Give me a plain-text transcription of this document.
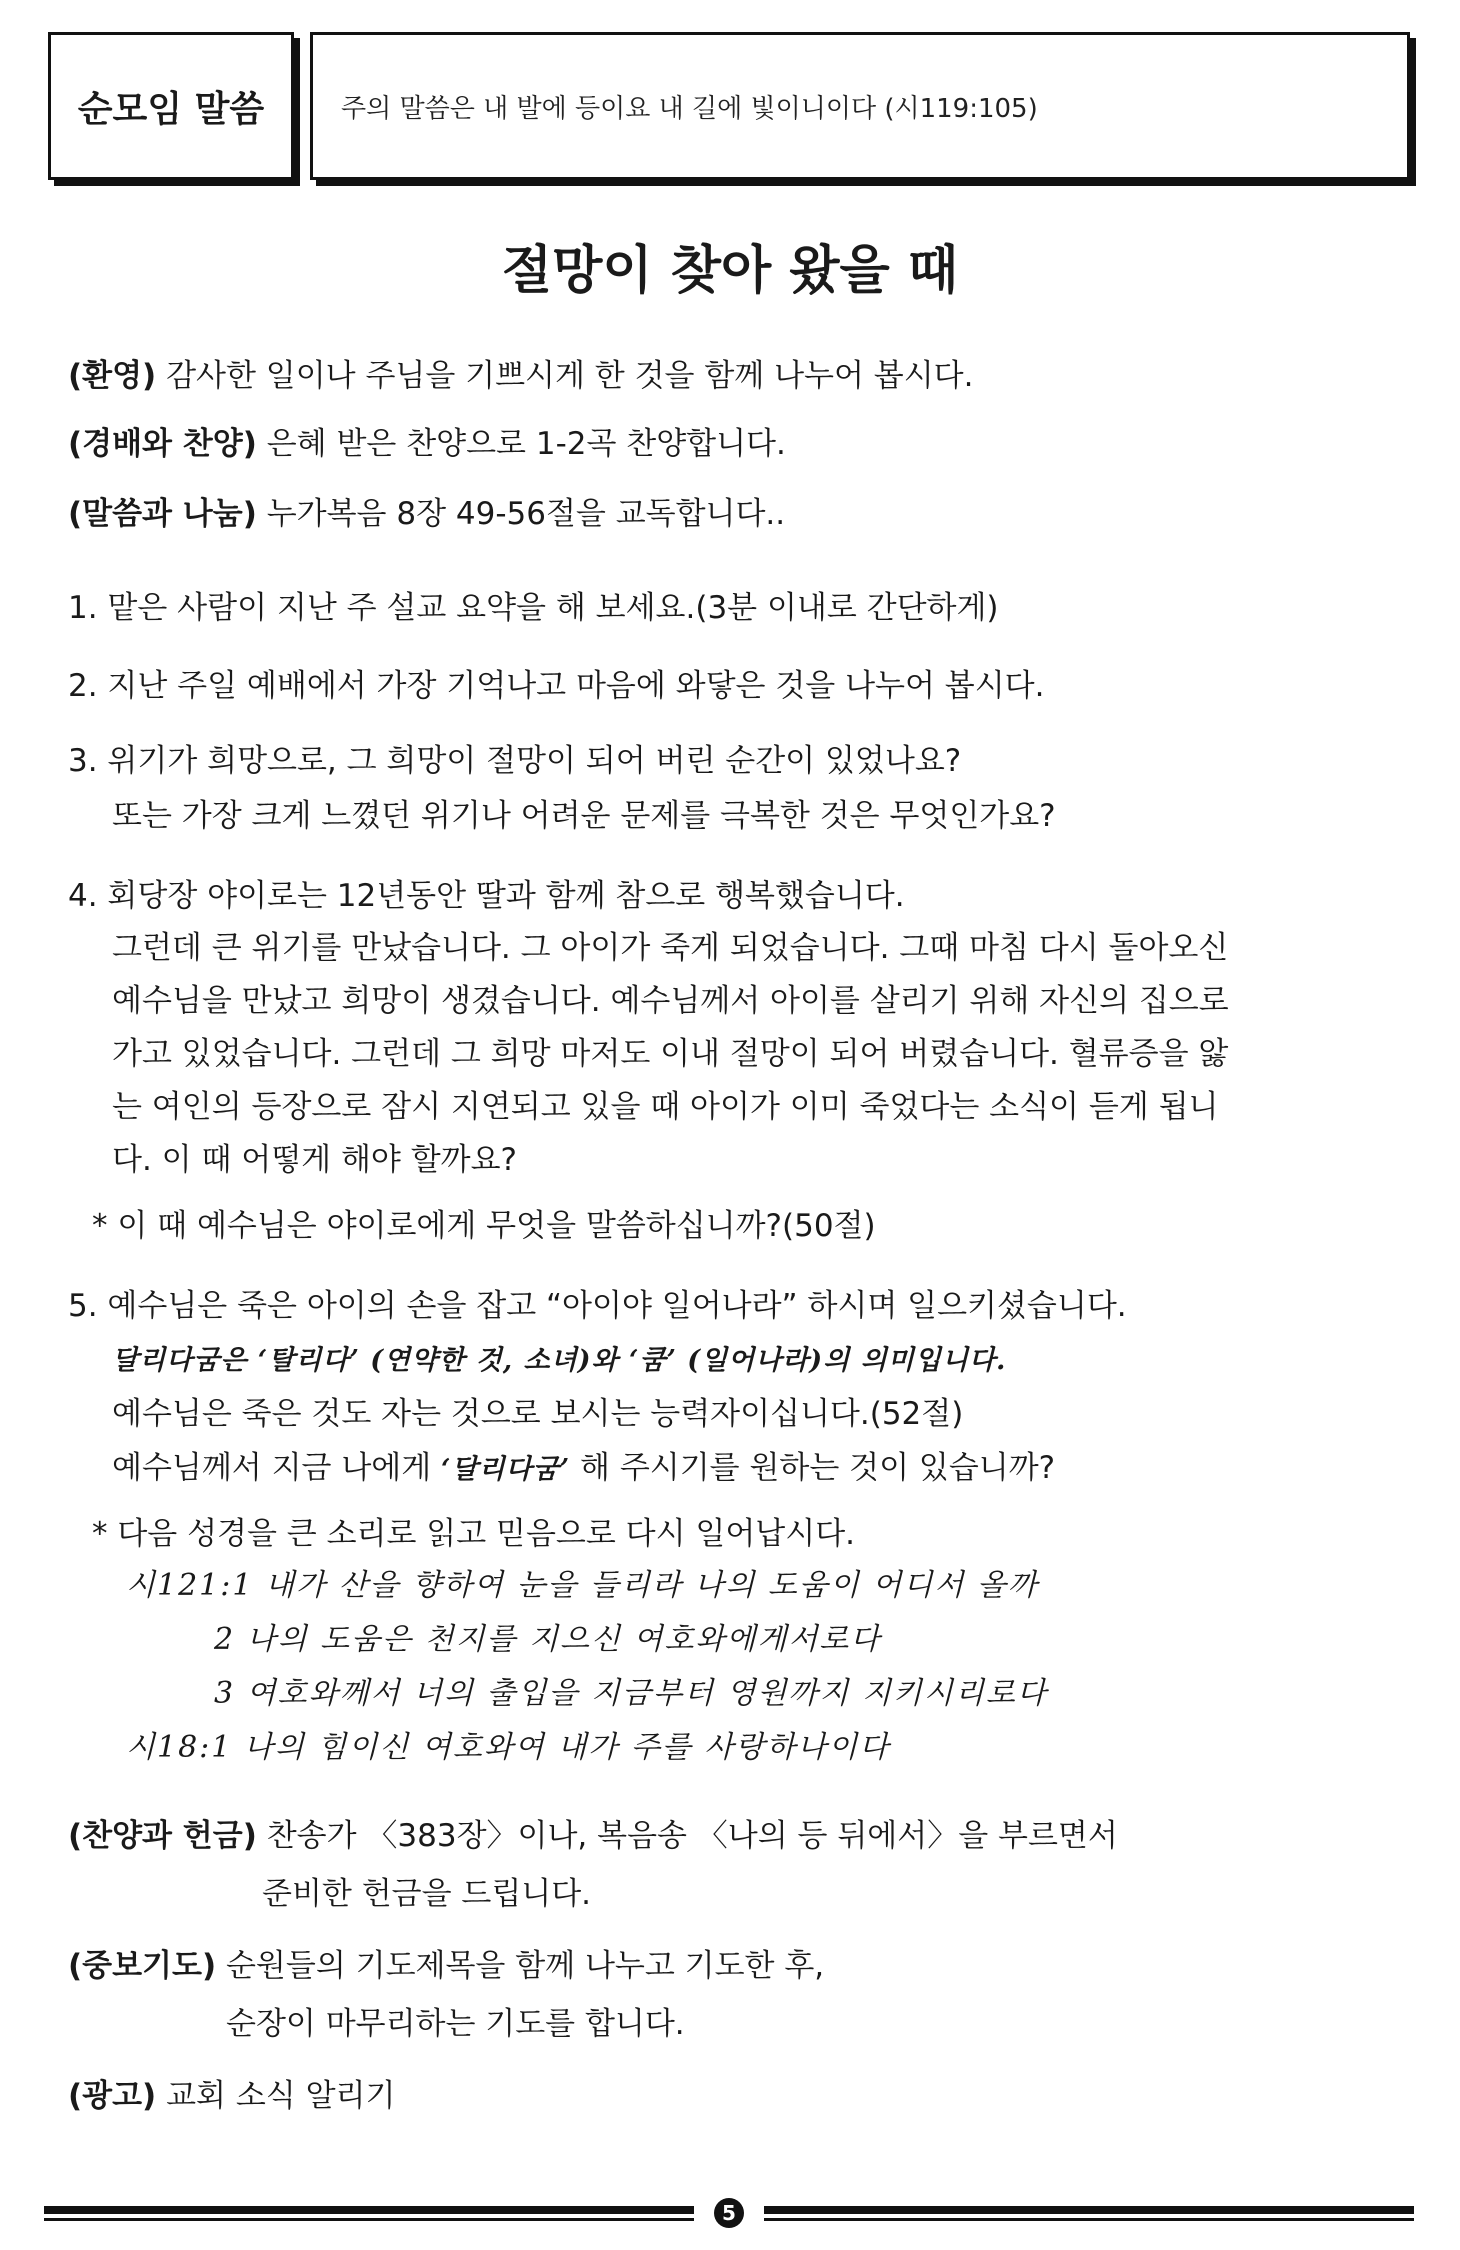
순모임 말씀	주의 말씀은 내 발에 등이요 내 길에 빛이니이다 (시119:105)
절망이 찾아 왔을 때
(환영) 감사한 일이나 주님을 기쁘시게 한 것을 함께 나누어 봅시다.
(경배와 찬양) 은혜 받은 찬양으로 1-2곡 찬양합니다.
(말씀과 나눔) 누가복음 8장 49-56절을 교독합니다..
1. 맡은 사람이 지난 주 설교 요약을 해 보세요.(3분 이내로 간단하게)
2. 지난 주일 예배에서 가장 기억나고 마음에 와닿은 것을 나누어 봅시다.
3. 위기가 희망으로, 그 희망이 절망이 되어 버린 순간이 있었나요?
또는 가장 크게 느꼈던 위기나 어려운 문제를 극복한 것은 무엇인가요?
4. 회당장 야이로는 12년동안 딸과 함께 참으로 행복했습니다.
그런데 큰 위기를 만났습니다. 그 아이가 죽게 되었습니다. 그때 마침 다시 돌아오신
예수님을 만났고 희망이 생겼습니다. 예수님께서 아이를 살리기 위해 자신의 집으로
가고 있었습니다. 그런데 그 희망 마저도 이내 절망이 되어 버렸습니다. 혈류증을 앓
는 여인의 등장으로 잠시 지연되고 있을 때 아이가 이미 죽었다는 소식이 듣게 됩니
다. 이 때 어떻게 해야 할까요?
* 이 때 예수님은 야이로에게 무엇을 말씀하십니까?(50절)
5. 예수님은 죽은 아이의 손을 잡고 “아이야 일어나라” 하시며 일으키셨습니다.
달리다굼은 ‘탈리다’ (연약한 것, 소녀)와 ‘쿰’ (일어나라)의 의미입니다.
예수님은 죽은 것도 자는 것으로 보시는 능력자이십니다.(52절)
예수님께서 지금 나에게 ‘달리다굼’ 해 주시기를 원하는 것이 있습니까?
* 다음 성경을 큰 소리로 읽고 믿음으로 다시 일어납시다.
시121:1 내가 산을 향하여 눈을 들리라 나의 도움이 어디서 올까
2 나의 도움은 천지를 지으신 여호와에게서로다
3 여호와께서 너의 출입을 지금부터 영원까지 지키시리로다
시18:1 나의 힘이신 여호와여 내가 주를 사랑하나이다
(찬양과 헌금) 찬송가 〈383장〉이나, 복음송 〈나의 등 뒤에서〉을 부르면서
준비한 헌금을 드립니다.
(중보기도) 순원들의 기도제목을 함께 나누고 기도한 후,
순장이 마무리하는 기도를 합니다.
(광고) 교회 소식 알리기
5
